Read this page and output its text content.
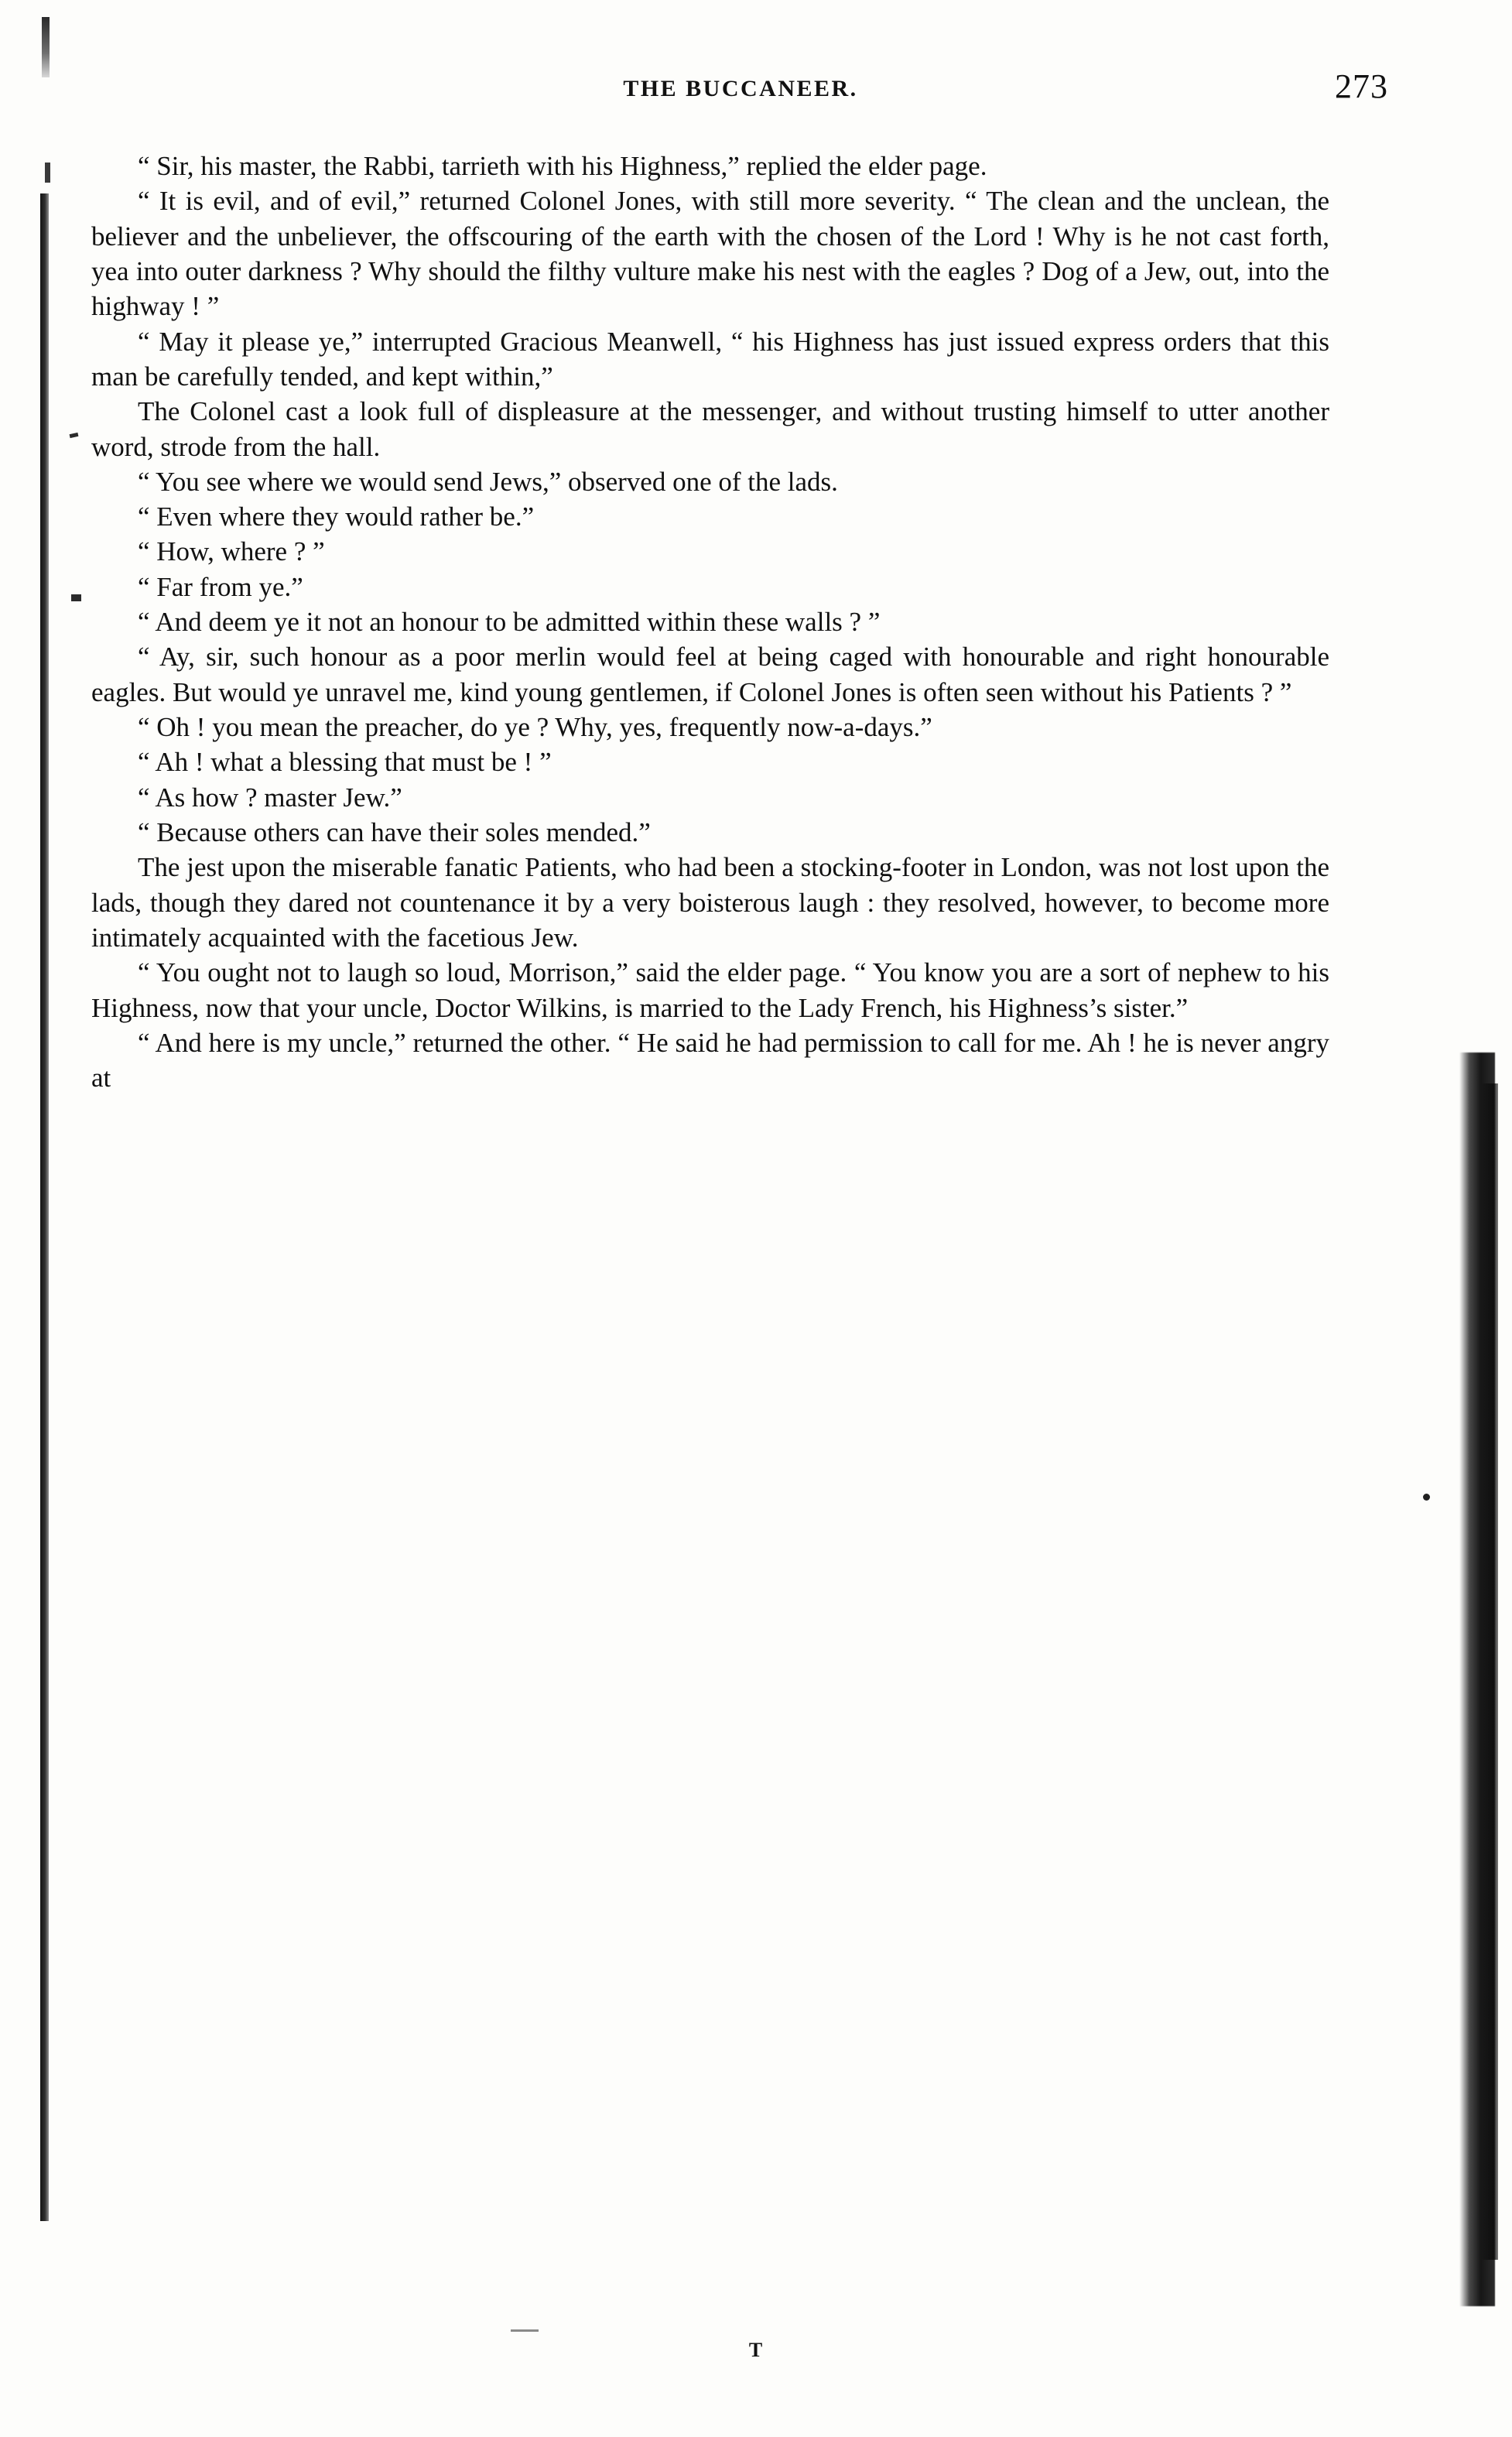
THE BUCCANEER.	273

“ Sir, his master, the Rabbi, tarrieth with his Highness,” replied the elder page.

“ It is evil, and of evil,” returned Colonel Jones, with still more severity. “ The clean and the unclean, the believer and the unbeliever, the offscouring of the earth with the chosen of the Lord ! Why is he not cast forth, yea into outer darkness ? Why should the filthy vulture make his nest with the eagles ? Dog of a Jew, out, into the highway ! ”

“ May it please ye,” interrupted Gracious Meanwell, “ his Highness has just issued express orders that this man be carefully tended, and kept within,”

The Colonel cast a look full of displeasure at the messenger, and without trusting himself to utter another word, strode from the hall.

“ You see where we would send Jews,” observed one of the lads.

“ Even where they would rather be.”

“ How, where ? ”

“ Far from ye.”

“ And deem ye it not an honour to be admitted within these walls ? ”

“ Ay, sir, such honour as a poor merlin would feel at being caged with honourable and right honourable eagles. But would ye unravel me, kind young gentlemen, if Colonel Jones is often seen without his Patients ? ”

“ Oh ! you mean the preacher, do ye ? Why, yes, frequently now-a-days.”

“ Ah ! what a blessing that must be ! ”

“ As how ? master Jew.”

“ Because others can have their soles mended.”

The jest upon the miserable fanatic Patients, who had been a stocking-footer in London, was not lost upon the lads, though they dared not countenance it by a very boisterous laugh : they resolved, however, to become more intimately acquainted with the facetious Jew.

“ You ought not to laugh so loud, Morrison,” said the elder page. “ You know you are a sort of nephew to his Highness, now that your uncle, Doctor Wilkins, is married to the Lady French, his Highness’s sister.”

“ And here is my uncle,” returned the other. “ He said he had permission to call for me. Ah ! he is never angry at

T
